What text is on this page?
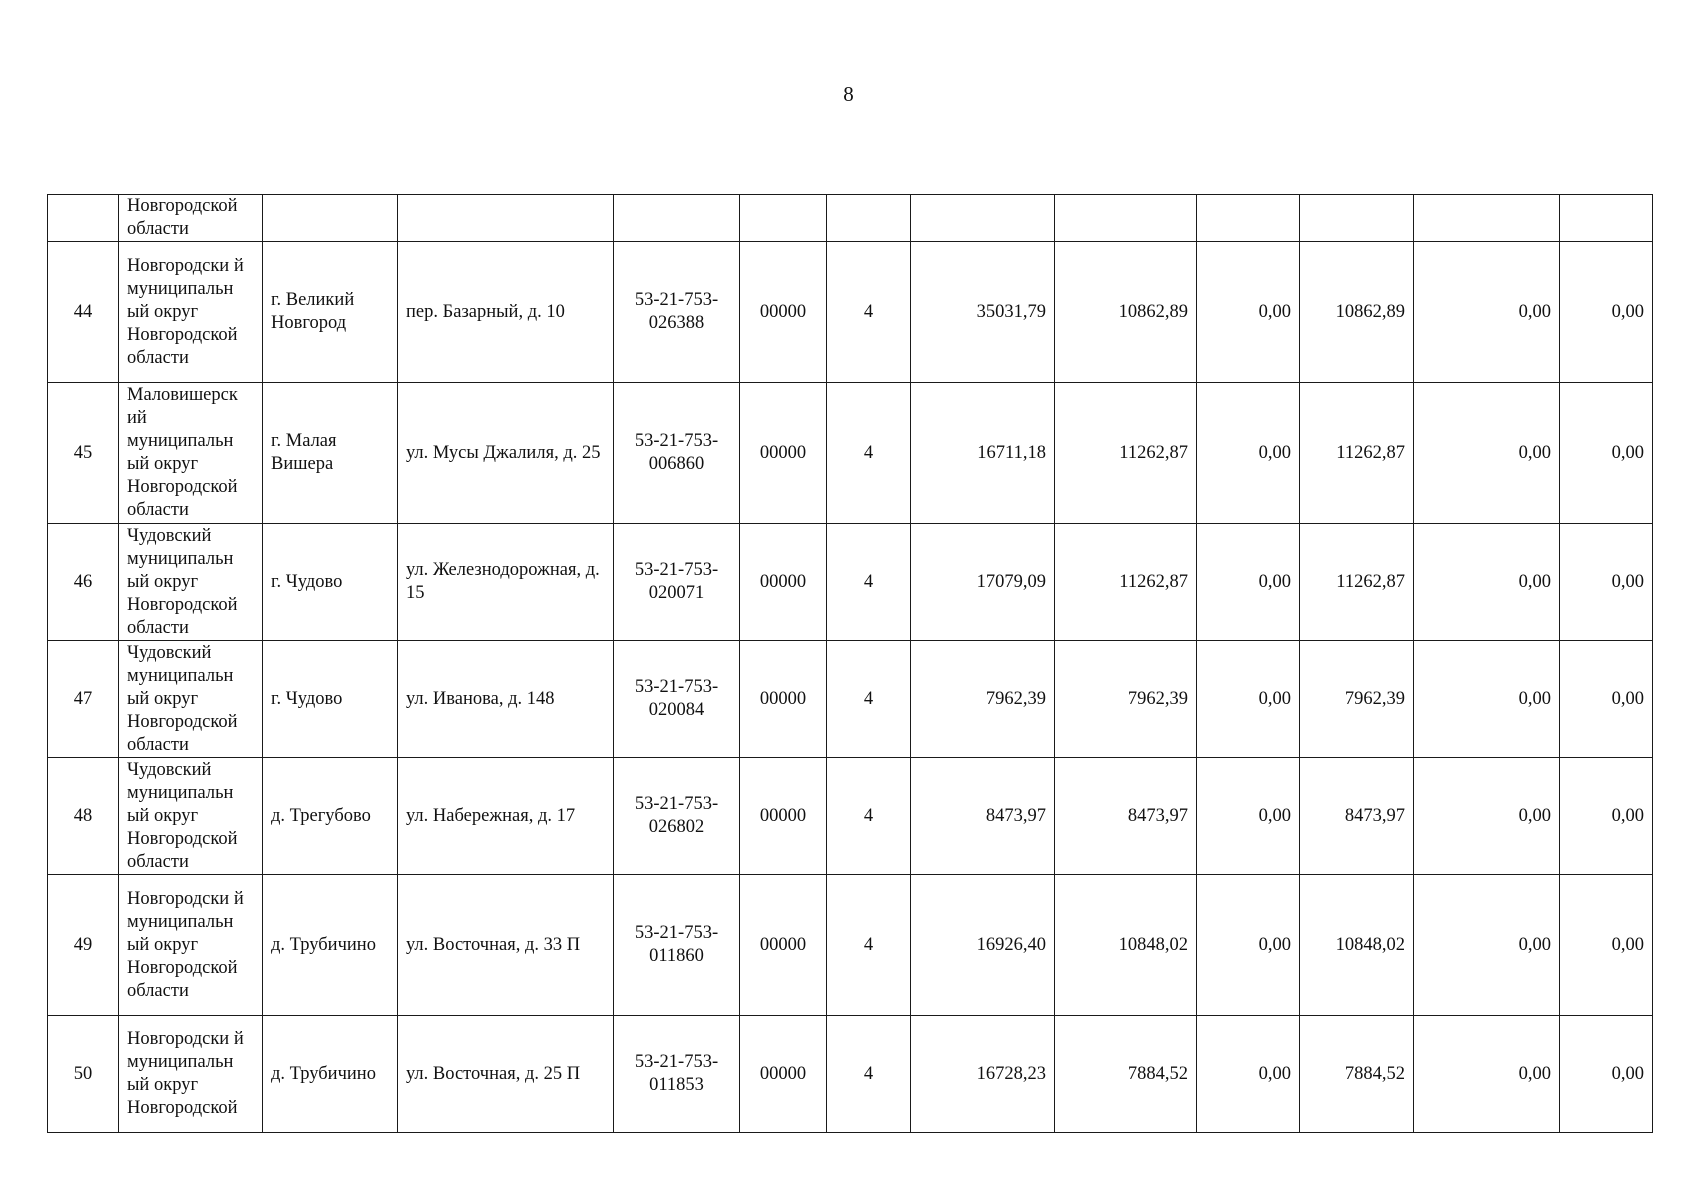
8
	Новгородской области											
44	Новгородски й муниципальн ый округ Новгородской области	г. Великий Новгород	пер. Базарный, д. 10	53-21-753-026388	00000	4	35031,79	10862,89	0,00	10862,89	0,00	0,00
45	Маловишерск ий муниципальн ый округ Новгородской области	г. Малая Вишера	ул. Мусы Джалиля, д. 25	53-21-753-006860	00000	4	16711,18	11262,87	0,00	11262,87	0,00	0,00
46	Чудовский муниципальн ый округ Новгородской области	г. Чудово	ул. Железнодорожная, д. 15	53-21-753-020071	00000	4	17079,09	11262,87	0,00	11262,87	0,00	0,00
47	Чудовский муниципальн ый округ Новгородской области	г. Чудово	ул. Иванова, д. 148	53-21-753-020084	00000	4	7962,39	7962,39	0,00	7962,39	0,00	0,00
48	Чудовский муниципальн ый округ Новгородской области	д. Трегубово	ул. Набережная, д. 17	53-21-753-026802	00000	4	8473,97	8473,97	0,00	8473,97	0,00	0,00
49	Новгородски й муниципальн ый округ Новгородской области	д. Трубичино	ул. Восточная, д. 33 П	53-21-753-011860	00000	4	16926,40	10848,02	0,00	10848,02	0,00	0,00
50	Новгородски й муниципальн ый округ Новгородской	д. Трубичино	ул. Восточная, д. 25 П	53-21-753-011853	00000	4	16728,23	7884,52	0,00	7884,52	0,00	0,00
